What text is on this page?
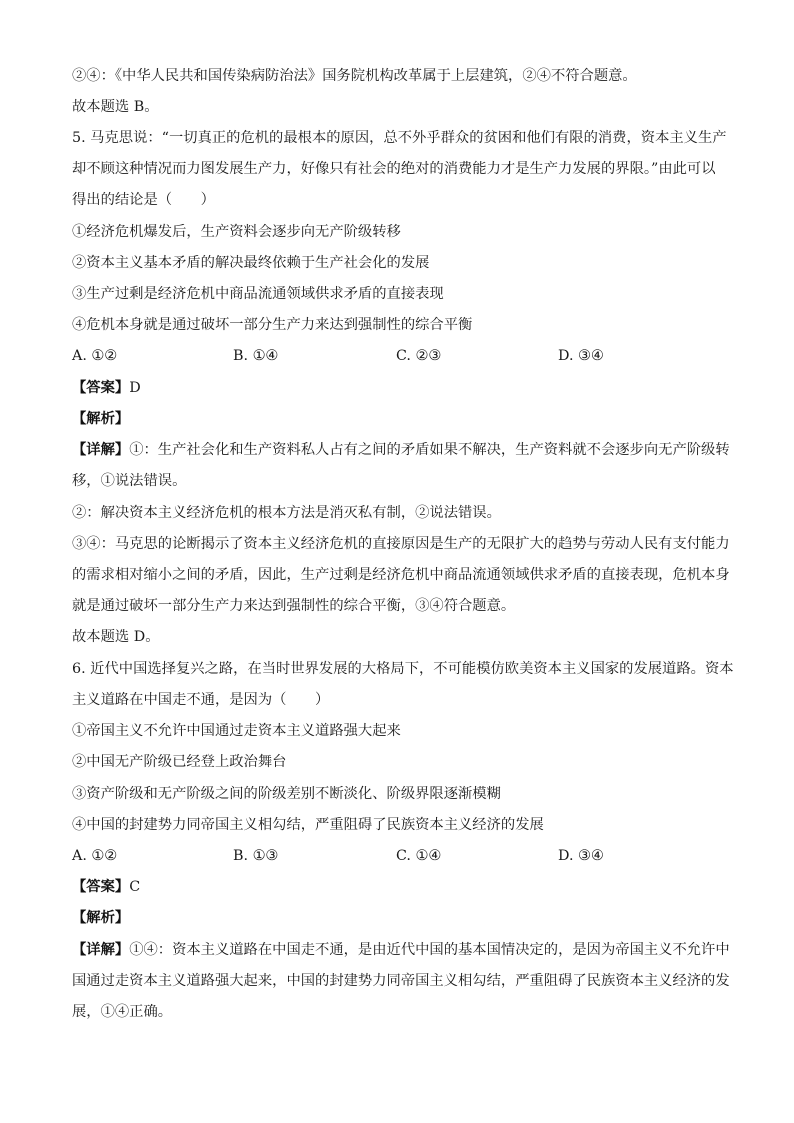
②④：《中华人民共和国传染病防治法》国务院机构改革属于上层建筑，②④不符合题意。
故本题选 B。
5. 马克思说：“一切真正的危机的最根本的原因，总不外乎群众的贫困和他们有限的消费，资本主义生产
却不顾这种情况而力图发展生产力，好像只有社会的绝对的消费能力才是生产力发展的界限。”由此可以
得出的结论是（　　）
①经济危机爆发后，生产资料会逐步向无产阶级转移
②资本主义基本矛盾的解决最终依赖于生产社会化的发展
③生产过剩是经济危机中商品流通领域供求矛盾的直接表现
④危机本身就是通过破坏一部分生产力来达到强制性的综合平衡
A. ①②	B. ①④	C. ②③	D. ③④
【答案】D
【解析】
【详解】①：生产社会化和生产资料私人占有之间的矛盾如果不解决，生产资料就不会逐步向无产阶级转
移，①说法错误。
②：解决资本主义经济危机的根本方法是消灭私有制，②说法错误。
③④：马克思的论断揭示了资本主义经济危机的直接原因是生产的无限扩大的趋势与劳动人民有支付能力
的需求相对缩小之间的矛盾，因此，生产过剩是经济危机中商品流通领域供求矛盾的直接表现，危机本身
就是通过破坏一部分生产力来达到强制性的综合平衡，③④符合题意。
故本题选 D。
6. 近代中国选择复兴之路，在当时世界发展的大格局下，不可能模仿欧美资本主义国家的发展道路。资本
主义道路在中国走不通，是因为（　　）
①帝国主义不允许中国通过走资本主义道路强大起来
②中国无产阶级已经登上政治舞台
③资产阶级和无产阶级之间的阶级差别不断淡化、阶级界限逐渐模糊
④中国的封建势力同帝国主义相勾结，严重阻碍了民族资本主义经济的发展
A. ①②	B. ①③	C. ①④	D. ③④
【答案】C
【解析】
【详解】①④：资本主义道路在中国走不通，是由近代中国的基本国情决定的，是因为帝国主义不允许中
国通过走资本主义道路强大起来，中国的封建势力同帝国主义相勾结，严重阻碍了民族资本主义经济的发
展，①④正确。
